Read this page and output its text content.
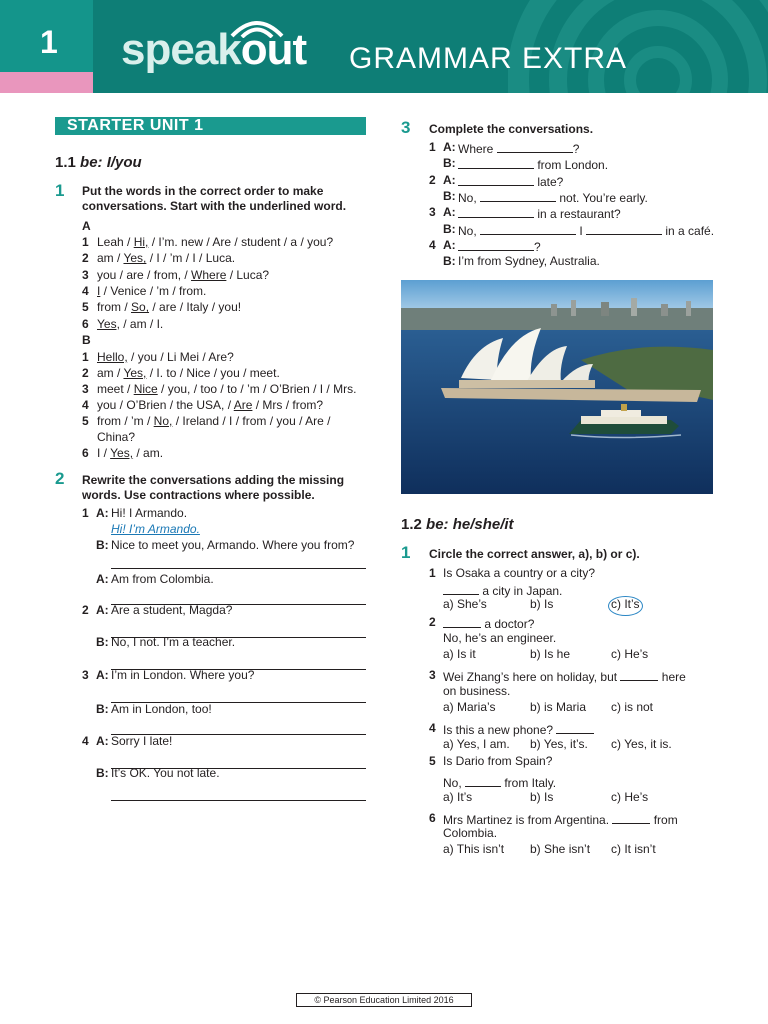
1 speakout GRAMMAR EXTRA
STARTER UNIT 1
1.1 be: I/you
1 Put the words in the correct order to make conversations. Start with the underlined word.
2 Rewrite the conversations adding the missing words. Use contractions where possible.
3 Complete the conversations.
1.2 be: he/she/it
1 Circle the correct answer, a), b) or c).
© Pearson Education Limited 2016
A
1 Leah / Hi, / I’m. new / Are / student / a / you?
2 am / Yes, / I / ’m / I / Luca.
3 you / are / from, / Where / Luca?
4 I / Venice / ’m / from.
5 from / So, / are / Italy / you!
6 Yes, / am / I.
B
1 Hello, / you / Li Mei / Are?
2 am / Yes, / I. to / Nice / you / meet.
3 meet / Nice / you, / too / to / ’m / O’Brien / I / Mrs.
4 you / O’Brien / the USA, / Are / Mrs / from?
5 from / ’m / No, / Ireland / I / from / you / Are /
China?
6 I / Yes, / am.
1 A: Hi! I Armando.
Hi! I’m Armando.
B: Nice to meet you, Armando. Where you from?
A: Am from Colombia.
2 A: Are a student, Magda?
B: No, I not. I’m a teacher.
3 A: I’m in London. Where you?
B: Am in London, too!
4 A: Sorry I late!
B: It’s OK. You not late.
1 A: Where	?
B:	from London.
2 A:	late?
B: No,	not. You’re early.
3 A:	in a restaurant?
B: No,	I	in a café.
4 A:	?
B: I’m from Sydney, Australia.
1 Is Osaka a country or a city?
a city in Japan.
a) She’s	b) Is	c) It’s
2	a doctor?
No, he’s an engineer.
a) Is it	b) Is he	c) He’s
3 Wei Zhang’s here on holiday, but	here
on business.
a) Maria’s	b) is Maria c) is not
4 Is this a new phone?
a) Yes, I am. b) Yes, it’s. c) Yes, it is.
5 Is Dario from Spain?
No,	from Italy.
a) It’s	b) Is	c) He’s
6 Mrs Martinez is from Argentina.	from
Colombia.
a) This isn’t b) She isn’t c) It isn’t
